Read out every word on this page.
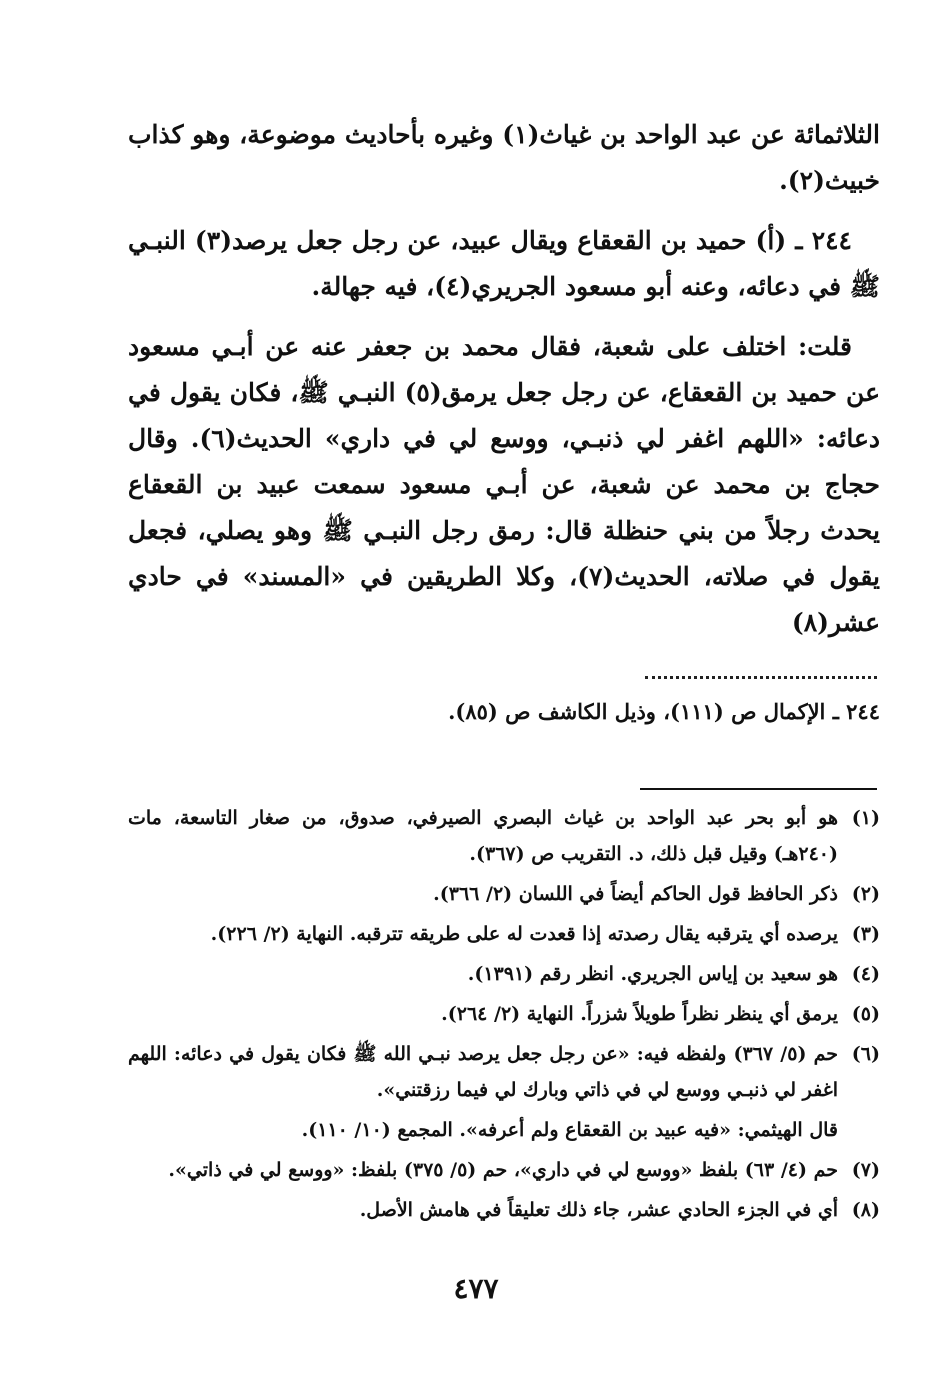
الثلاثمائة عن عبد الواحد بن غياث(١) وغيره بأحاديث موضوعة، وهو كذاب خبيث(٢).

٢٤٤ ـ (أ) حميد بن القعقاع ويقال عبيد، عن رجل جعل يرصد(٣) النبـي ﷺ في دعائه، وعنه أبو مسعود الجريري(٤)، فيه جهالة.

قلت: اختلف على شعبة، فقال محمد بن جعفر عنه عن أبـي مسعود عن حميد بن القعقاع، عن رجل جعل يرمق(٥) النبـي ﷺ، فكان يقول في دعائه: «اللهم اغفر لي ذنبـي، ووسع لي في داري» الحديث(٦). وقال حجاج بن محمد عن شعبة، عن أبـي مسعود سمعت عبيد بن القعقاع يحدث رجلاً من بني حنظلة قال: رمق رجل النبـي ﷺ وهو يصلي، فجعل يقول في صلاته، الحديث(٧)، وكلا الطريقين في «المسند» في حادي عشر(٨)

٢٤٤ ـ الإكمال ص (١١١)، وذيل الكاشف ص (٨٥).
(١)
هو أبو بحر عبد الواحد بن غياث البصري الصيرفي، صدوق، من صغار التاسعة، مات (٢٤٠هـ) وقيل قبل ذلك، د. التقريب ص (٣٦٧).
(٢)
ذكر الحافظ قول الحاكم أيضاً في اللسان (٢/ ٣٦٦).
(٣)
يرصده أي يترقبه يقال رصدته إذا قعدت له على طريقه تترقبه. النهاية (٢/ ٢٢٦).
(٤)
هو سعيد بن إياس الجريري. انظر رقم (١٣٩١).
(٥)
يرمق أي ينظر نظراً طويلاً شزراً. النهاية (٢/ ٢٦٤).
(٦)
حم (٥/ ٣٦٧) ولفظه فيه: «عن رجل جعل يرصد نبـي الله ﷺ فكان يقول في دعائه: اللهم اغفر لي ذنبـي ووسع لي في ذاتي وبارك لي فيما رزقتني».
قال الهيثمي: «فيه عبيد بن القعقاع ولم أعرفه». المجمع (١٠/ ١١٠).
(٧)
حم (٤/ ٦٣) بلفظ «ووسع لي في داري»، حم (٥/ ٣٧٥) بلفظ: «ووسع لي في ذاتي».
(٨)
أي في الجزء الحادي عشر، جاء ذلك تعليقاً في هامش الأصل.
٤٧٧
